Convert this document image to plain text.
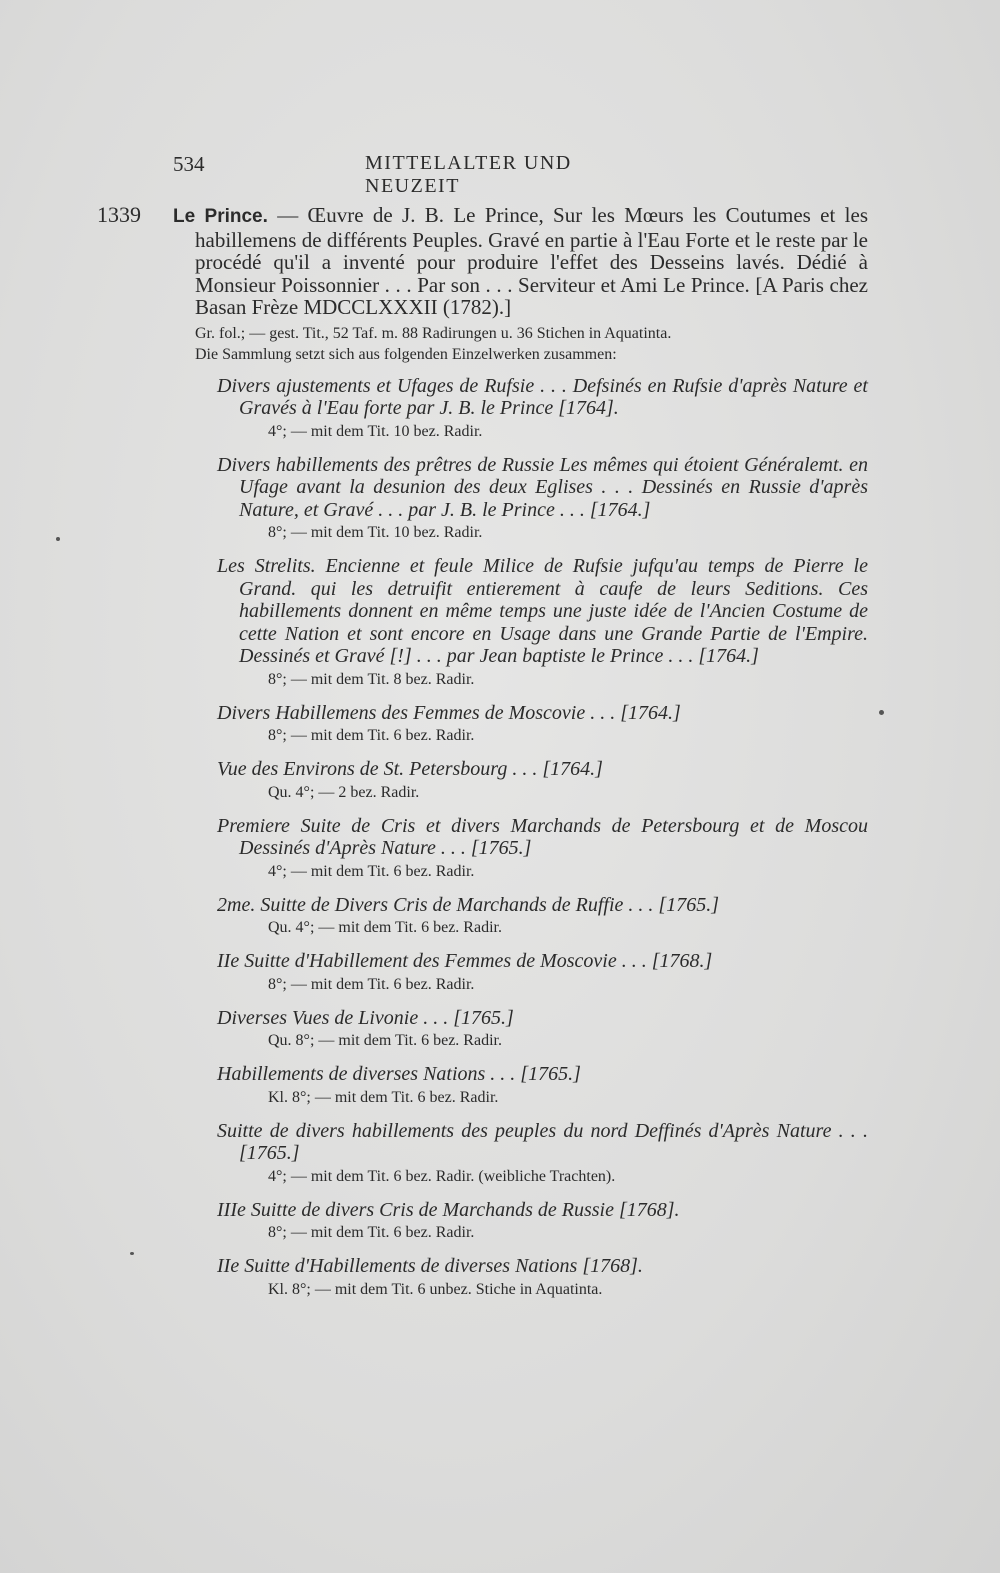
534	MITTELALTER UND NEUZEIT
1339 Le Prince. — Œuvre de J. B. Le Prince, Sur les Mœurs les Coutumes et les habillemens de différents Peuples. Gravé en partie à l'Eau Forte et le reste par le procédé qu'il a inventé pour produire l'effet des Desseins lavés. Dédié à Monsieur Poissonnier . . . Par son . . . Serviteur et Ami Le Prince. [A Paris chez Basan Frèze MDCCLXXXII (1782).]
Gr. fol.; — gest. Tit., 52 Taf. m. 88 Radirungen u. 36 Stichen in Aquatinta.
Die Sammlung setzt sich aus folgenden Einzelwerken zusammen:
Divers ajustements et Ufages de Rufsie . . . Defsinés en Rufsie d'après Nature et Gravés à l'Eau forte par J. B. le Prince [1764].
4°; — mit dem Tit. 10 bez. Radir.
Divers habillements des prêtres de Russie Les mêmes qui étoient Généralemt. en Ufage avant la desunion des deux Eglises . . . Dessinés en Russie d'après Nature, et Gravé . . . par J. B. le Prince . . . [1764.]
8°; — mit dem Tit. 10 bez. Radir.
Les Strelits. Encienne et feule Milice de Rufsie jufqu'au temps de Pierre le Grand. qui les detruifit entierement à caufe de leurs Seditions. Ces habillements donnent en même temps une juste idée de l'Ancien Costume de cette Nation et sont encore en Usage dans une Grande Partie de l'Empire. Dessinés et Gravé [!] . . . par Jean baptiste le Prince . . . [1764.]
8°; — mit dem Tit. 8 bez. Radir.
Divers Habillemens des Femmes de Moscovie . . . [1764.]
8°; — mit dem Tit. 6 bez. Radir.
Vue des Environs de St. Petersbourg . . . [1764.]
Qu. 4°; — 2 bez. Radir.
Premiere Suite de Cris et divers Marchands de Petersbourg et de Moscou Dessinés d'Après Nature . . . [1765.]
4°; — mit dem Tit. 6 bez. Radir.
2me. Suitte de Divers Cris de Marchands de Ruffie . . . [1765.]
Qu. 4°; — mit dem Tit. 6 bez. Radir.
IIe Suitte d'Habillement des Femmes de Moscovie . . . [1768.]
8°; — mit dem Tit. 6 bez. Radir.
Diverses Vues de Livonie . . . [1765.]
Qu. 8°; — mit dem Tit. 6 bez. Radir.
Habillements de diverses Nations . . . [1765.]
Kl. 8°; — mit dem Tit. 6 bez. Radir.
Suitte de divers habillements des peuples du nord Deffinés d'Après Nature . . . [1765.]
4°; — mit dem Tit. 6 bez. Radir. (weibliche Trachten).
IIIe Suitte de divers Cris de Marchands de Russie [1768].
8°; — mit dem Tit. 6 bez. Radir.
IIe Suitte d'Habillements de diverses Nations [1768].
Kl. 8°; — mit dem Tit. 6 unbez. Stiche in Aquatinta.
